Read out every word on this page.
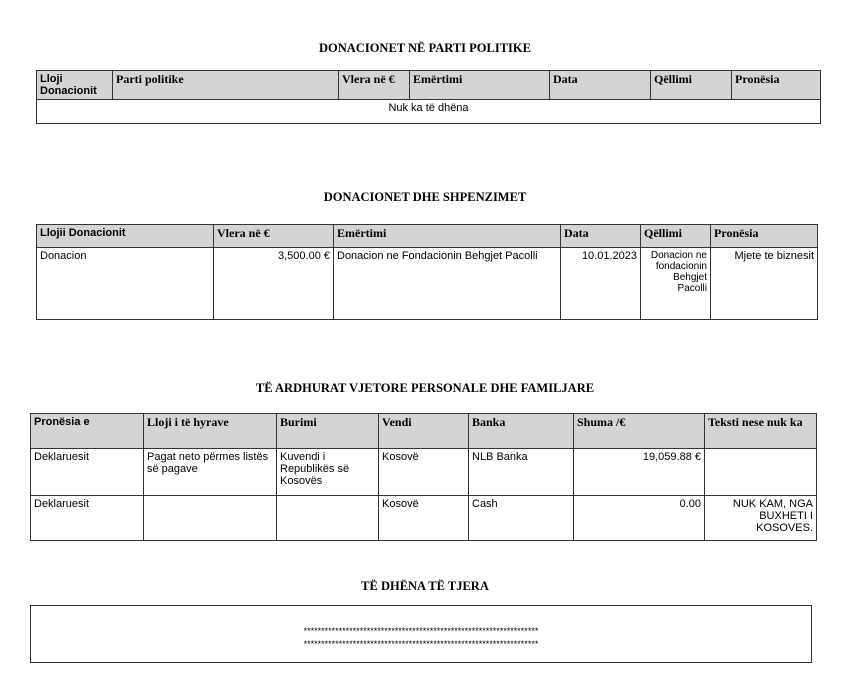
DONACIONET NË PARTI POLITIKE
Lloji Donacionit	Parti politike	Vlera në €	Emërtimi	Data	Qëllimi	Pronësia
Nuk ka të dhëna
DONACIONET DHE SHPENZIMET
Llojii Donacionit	Vlera në €	Emërtimi	Data	Qëllimi	Pronësia
Donacion	3,500.00 €	Donacion ne Fondacionin Behgjet Pacolli	10.01.2023	Donacion ne fondacionin Behgjet Pacolli	Mjete te biznesit
TË ARDHURAT VJETORE PERSONALE DHE FAMILJARE
Pronësia e	Lloji i të hyrave	Burimi	Vendi	Banka	Shuma /€	Teksti nese nuk ka
Deklaruesit	Pagat neto përmes listës së pagave	Kuvendi i Republikës së Kosovës	Kosovë	NLB Banka	19,059.88 €	
Deklaruesit			Kosovë	Cash	0.00	NUK KAM, NGA BUXHETI I KOSOVES.
TË DHËNA TË TJERA
*******************************************************************
*******************************************************************
